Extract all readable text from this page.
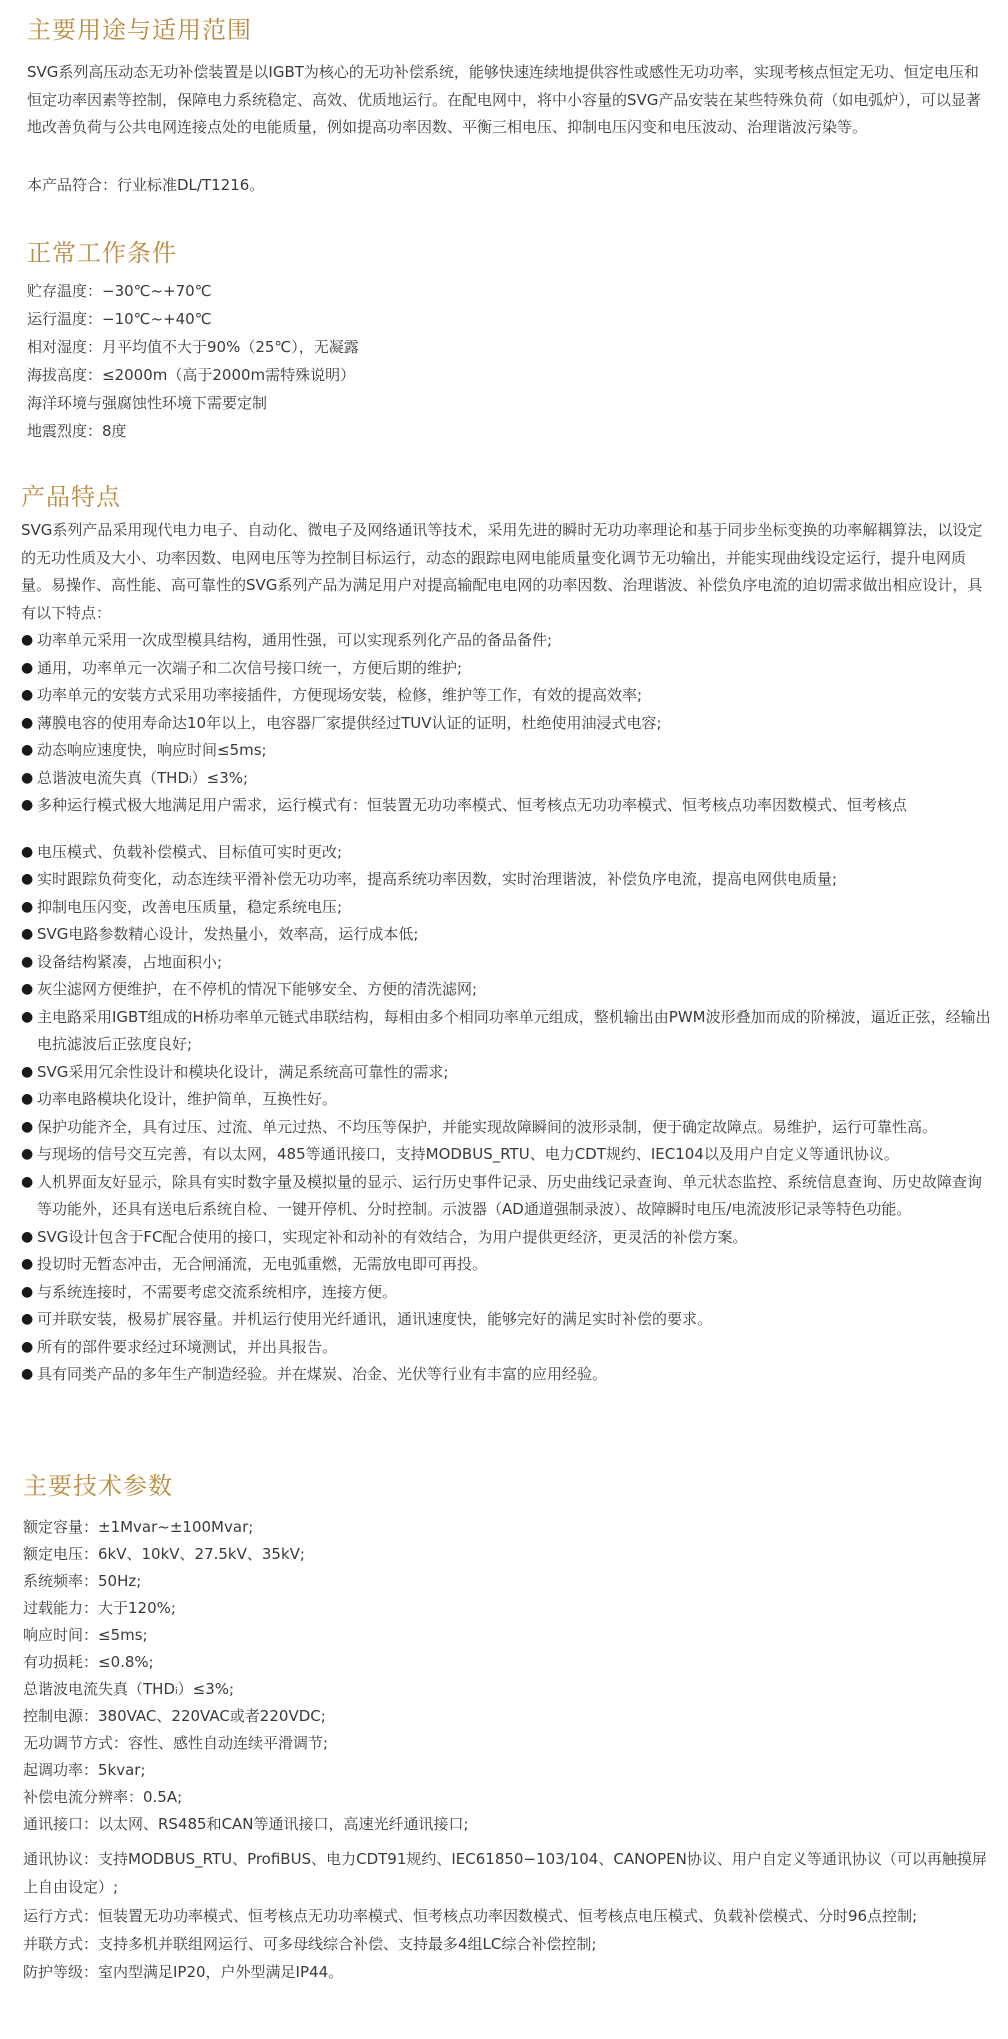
主要用途与适用范围

SVG系列高压动态无功补偿装置是以IGBT为核心的无功补偿系统，能够快速连续地提供容性或感性无功功率，实现考核点恒定无功、恒定电压和恒定功率因素等控制，保障电力系统稳定、高效、优质地运行。在配电网中，将中小容量的SVG产品安装在某些特殊负荷（如电弧炉），可以显著地改善负荷与公共电网连接点处的电能质量，例如提高功率因数、平衡三相电压、抑制电压闪变和电压波动、治理谐波污染等。

本产品符合：行业标准DL/T1216。

正常工作条件

贮存温度：−30℃~+70℃

运行温度：−10℃~+40℃

相对湿度：月平均值不大于90%（25℃），无凝露

海拔高度：≤2000m（高于2000m需特殊说明）

海洋环境与强腐蚀性环境下需要定制

地震烈度：8度

产品特点

SVG系列产品采用现代电力电子、自动化、微电子及网络通讯等技术，采用先进的瞬时无功功率理论和基于同步坐标变换的功率解耦算法，以设定的无功性质及大小、功率因数、电网电压等为控制目标运行，动态的跟踪电网电能质量变化调节无功输出，并能实现曲线设定运行，提升电网质量。易操作、高性能、高可靠性的SVG系列产品为满足用户对提高输配电电网的功率因数、治理谐波、补偿负序电流的迫切需求做出相应设计，具有以下特点：

● 功率单元采用一次成型模具结构，通用性强，可以实现系列化产品的备品备件;
● 通用，功率单元一次端子和二次信号接口统一，方便后期的维护;
● 功率单元的安装方式采用功率接插件，方便现场安装，检修，维护等工作，有效的提高效率;
● 薄膜电容的使用寿命达10年以上，电容器厂家提供经过TUV认证的证明，杜绝使用油浸式电容;
● 动态响应速度快，响应时间≤5ms;
● 总谐波电流失真（THDᵢ）≤3%;
● 多种运行模式极大地满足用户需求，运行模式有：恒装置无功功率模式、恒考核点无功功率模式、恒考核点功率因数模式、恒考核点
● 电压模式、负载补偿模式、目标值可实时更改;
● 实时跟踪负荷变化，动态连续平滑补偿无功功率，提高系统功率因数，实时治理谐波，补偿负序电流，提高电网供电质量;
● 抑制电压闪变，改善电压质量，稳定系统电压;
● SVG电路参数精心设计，发热量小，效率高，运行成本低;
● 设备结构紧凑，占地面积小;
● 灰尘滤网方便维护，在不停机的情况下能够安全、方便的清洗滤网;
● 主电路采用IGBT组成的H桥功率单元链式串联结构，每相由多个相同功率单元组成，整机输出由PWM波形叠加而成的阶梯波，逼近正弦，经输出电抗滤波后正弦度良好;
● SVG采用冗余性设计和模块化设计，满足系统高可靠性的需求;
● 功率电路模块化设计，维护简单，互换性好。
● 保护功能齐全，具有过压、过流、单元过热、不均压等保护，并能实现故障瞬间的波形录制，便于确定故障点。易维护，运行可靠性高。
● 与现场的信号交互完善，有以太网，485等通讯接口，支持MODBUS_RTU、电力CDT规约、IEC104以及用户自定义等通讯协议。
● 人机界面友好显示，除具有实时数字量及模拟量的显示、运行历史事件记录、历史曲线记录查询、单元状态监控、系统信息查询、历史故障查询等功能外，还具有送电后系统自检、一键开停机、分时控制。示波器（AD通道强制录波）、故障瞬时电压/电流波形记录等特色功能。
● SVG设计包含于FC配合使用的接口，实现定补和动补的有效结合，为用户提供更经济，更灵活的补偿方案。
● 投切时无暂态冲击，无合闸涌流，无电弧重燃，无需放电即可再投。
● 与系统连接时，不需要考虑交流系统相序，连接方便。
● 可并联安装，极易扩展容量。并机运行使用光纤通讯，通讯速度快，能够完好的满足实时补偿的要求。
● 所有的部件要求经过环境测试，并出具报告。
● 具有同类产品的多年生产制造经验。并在煤炭、冶金、光伏等行业有丰富的应用经验。
主要技术参数

额定容量：±1Mvar~±100Mvar;

额定电压：6kV、10kV、27.5kV、35kV;

系统频率：50Hz;

过载能力：大于120%;

响应时间：≤5ms;

有功损耗：≤0.8%;

总谐波电流失真（THDᵢ）≤3%;

控制电源：380VAC、220VAC或者220VDC;

无功调节方式：容性、感性自动连续平滑调节;

起调功率：5kvar;

补偿电流分辨率：0.5A;

通讯接口：以太网、RS485和CAN等通讯接口，高速光纤通讯接口;

通讯协议：支持MODBUS_RTU、ProfiBUS、电力CDT91规约、IEC61850−103/104、CANOPEN协议、用户自定义等通讯协议（可以再触摸屏上自由设定）;

运行方式：恒装置无功功率模式、恒考核点无功功率模式、恒考核点功率因数模式、恒考核点电压模式、负载补偿模式、分时96点控制;

并联方式：支持多机并联组网运行、可多母线综合补偿、支持最多4组LC综合补偿控制;

防护等级：室内型满足IP20，户外型满足IP44。
